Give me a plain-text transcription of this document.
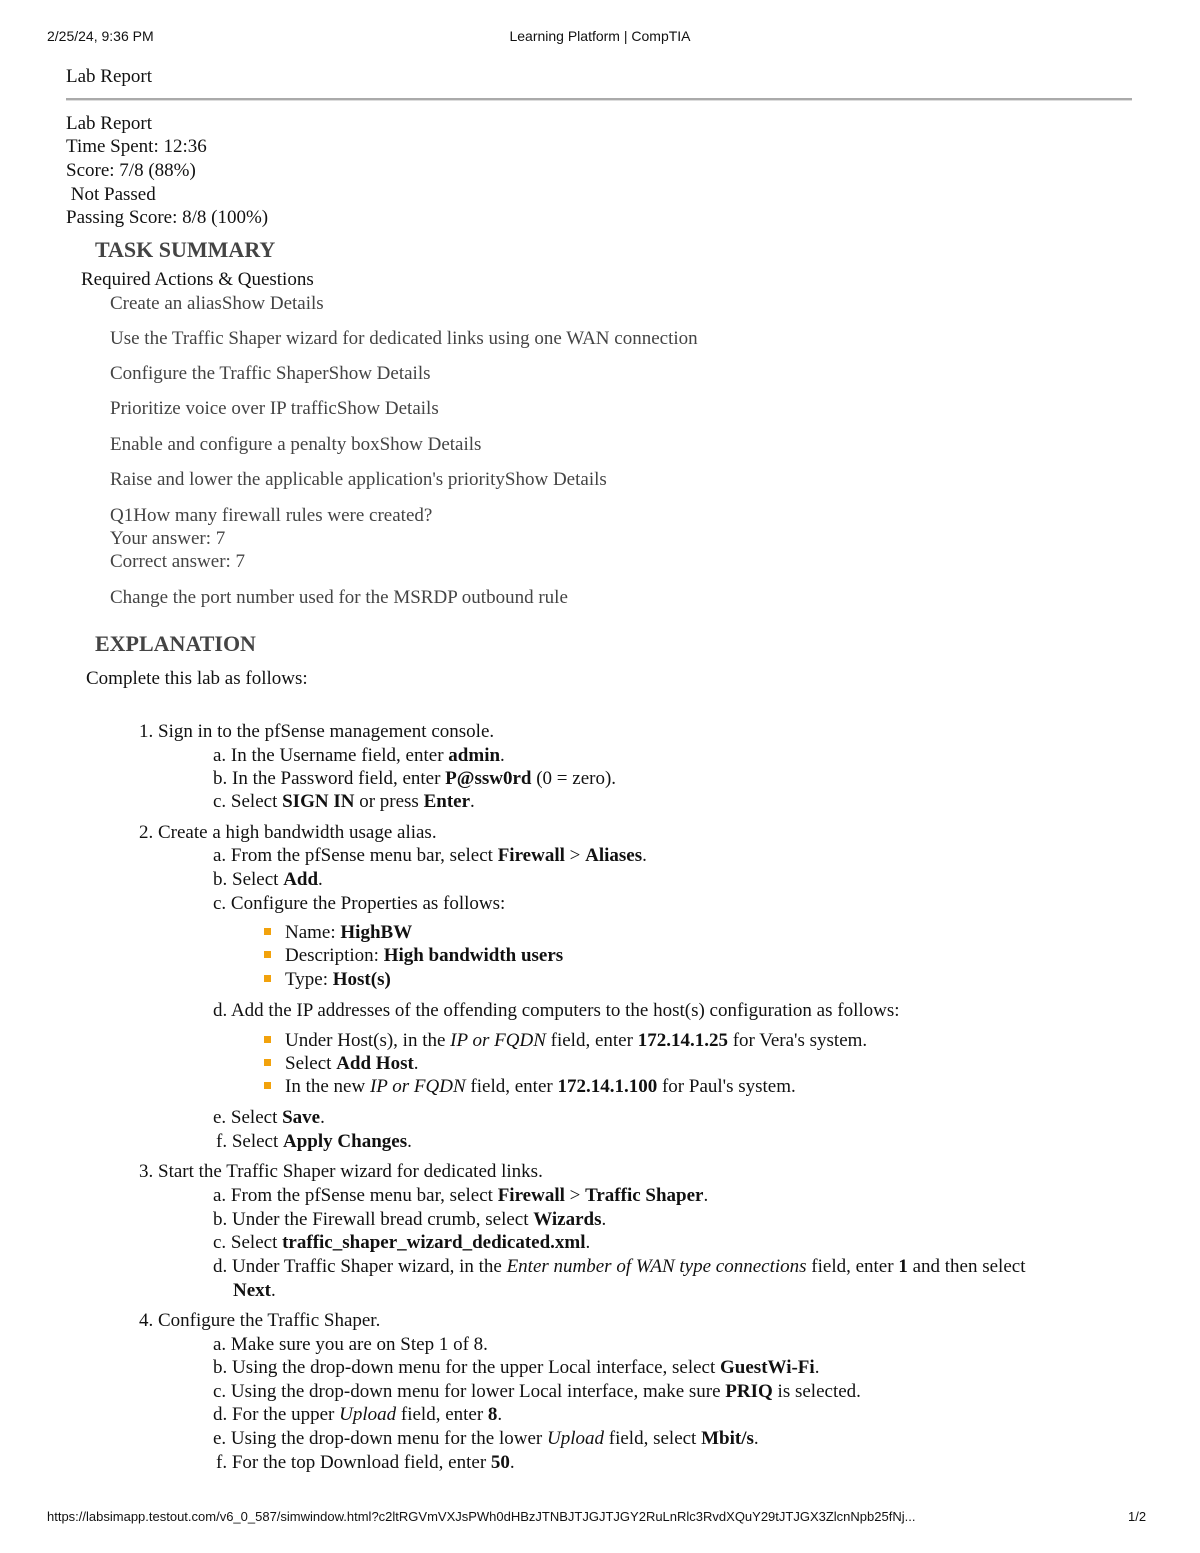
2/25/24, 9:36 PM	Learning Platform | CompTIA
Lab Report
Lab Report
Time Spent: 12:36
Score: 7/8 (88%)
Not Passed
Passing Score: 8/8 (100%)
TASK SUMMARY
Required Actions & Questions
Create an aliasShow Details
Use the Traffic Shaper wizard for dedicated links using one WAN connection
Configure the Traffic ShaperShow Details
Prioritize voice over IP trafficShow Details
Enable and configure a penalty boxShow Details
Raise and lower the applicable application's priorityShow Details
Q1How many firewall rules were created?
Your answer: 7
Correct answer: 7
Change the port number used for the MSRDP outbound rule
EXPLANATION
Complete this lab as follows:
1. Sign in to the pfSense management console.
a. In the Username field, enter admin.
b. In the Password field, enter P@ssw0rd (0 = zero).
c. Select SIGN IN or press Enter.
2. Create a high bandwidth usage alias.
a. From the pfSense menu bar, select Firewall > Aliases.
b. Select Add.
c. Configure the Properties as follows:
Name: HighBW
Description: High bandwidth users
Type: Host(s)
d. Add the IP addresses of the offending computers to the host(s) configuration as follows:
Under Host(s), in the IP or FQDN field, enter 172.14.1.25 for Vera's system.
Select Add Host.
In the new IP or FQDN field, enter 172.14.1.100 for Paul's system.
e. Select Save.
f. Select Apply Changes.
3. Start the Traffic Shaper wizard for dedicated links.
a. From the pfSense menu bar, select Firewall > Traffic Shaper.
b. Under the Firewall bread crumb, select Wizards.
c. Select traffic_shaper_wizard_dedicated.xml.
d. Under Traffic Shaper wizard, in the Enter number of WAN type connections field, enter 1 and then select
Next.
4. Configure the Traffic Shaper.
a. Make sure you are on Step 1 of 8.
b. Using the drop-down menu for the upper Local interface, select GuestWi-Fi.
c. Using the drop-down menu for lower Local interface, make sure PRIQ is selected.
d. For the upper Upload field, enter 8.
e. Using the drop-down menu for the lower Upload field, select Mbit/s.
f. For the top Download field, enter 50.
https://labsimapp.testout.com/v6_0_587/simwindow.html?c2ltRGVmVXJsPWh0dHBzJTNBJTJGJTJGY2RuLnRlc3RvdXQuY29tJTJGX3ZlcnNpb25fNj...	1/2
